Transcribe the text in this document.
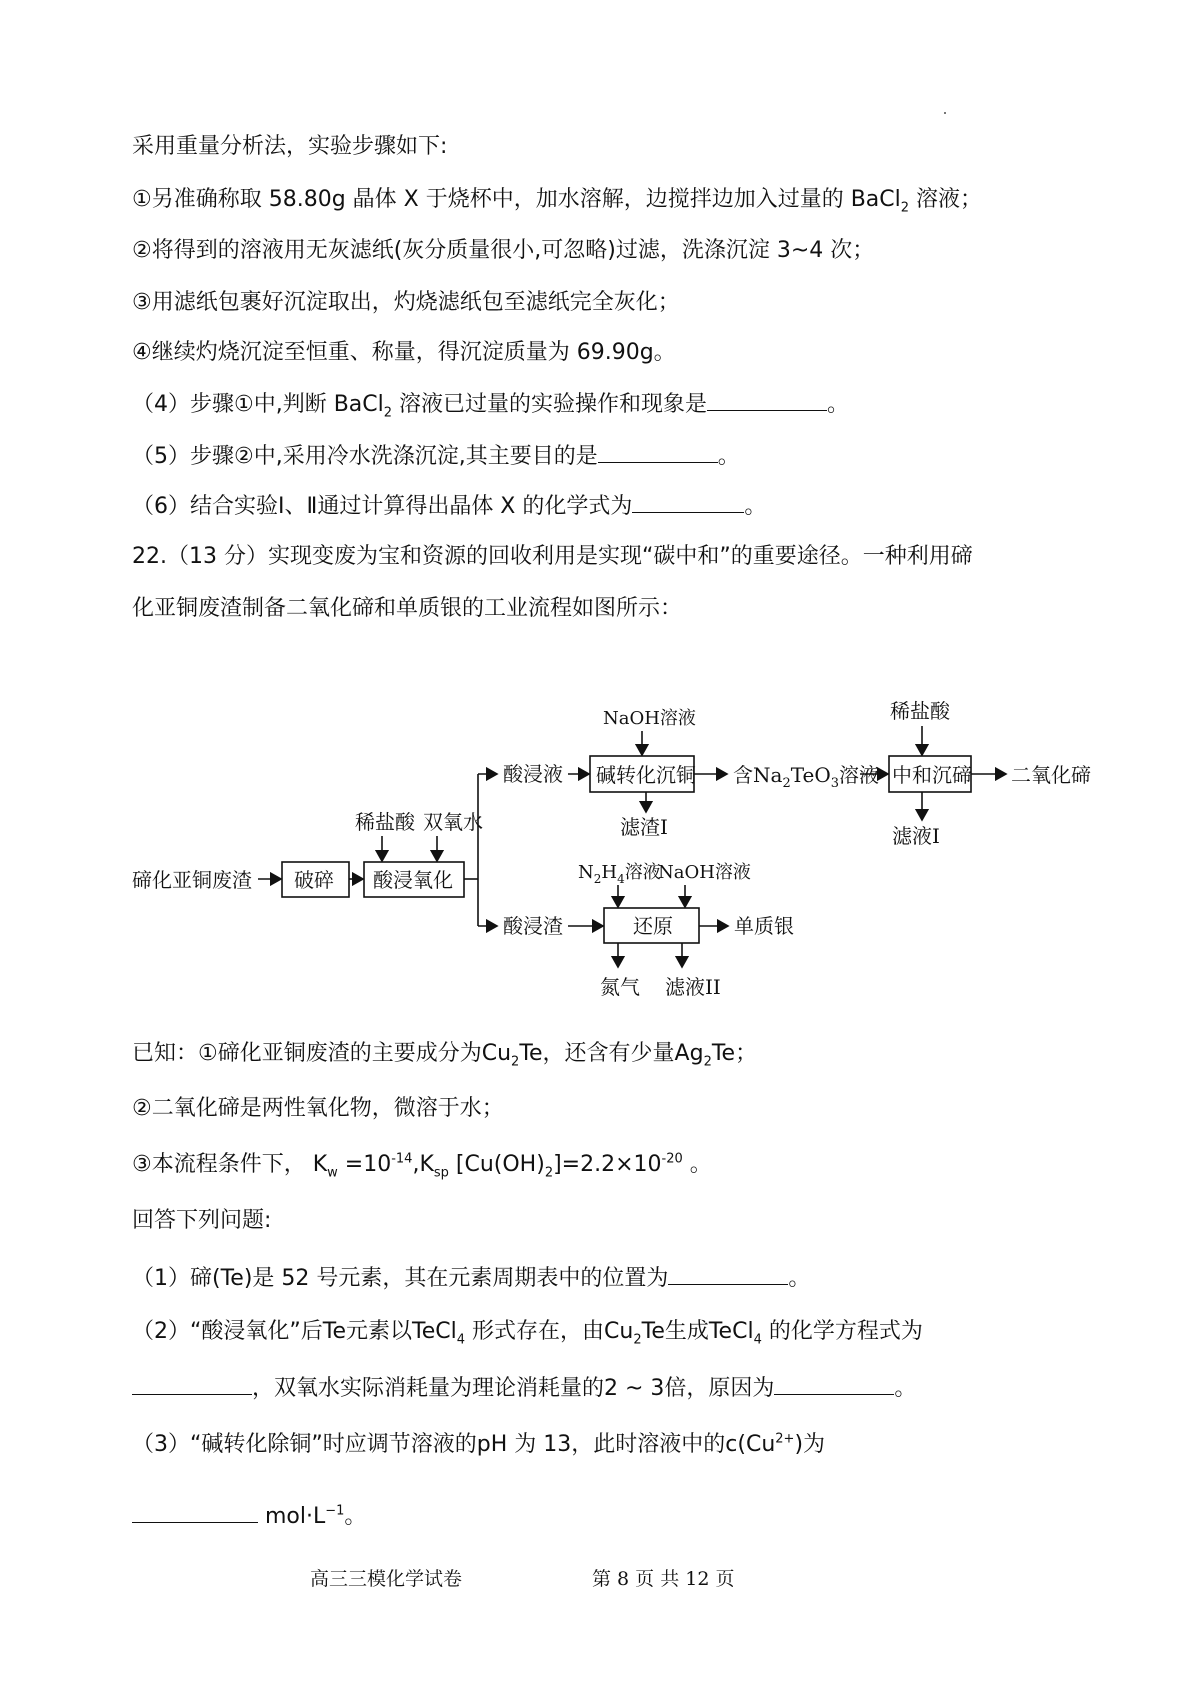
采用重量分析法，实验步骤如下:
①另准确称取 58.80g 晶体 X 于烧杯中，加水溶解，边搅拌边加入过量的 BaCl$_2$ 溶液；
②将得到的溶液用无灰滤纸(灰分质量很小,可忽略)过滤，洗涤沉淀 3~4 次；
③用滤纸包裹好沉淀取出，灼烧滤纸包至滤纸完全灰化；
④继续灼烧沉淀至恒重、称量，得沉淀质量为 69.90g。
（4）步骤①中,判断 BaCl$_2$ 溶液已过量的实验操作和现象是	。
（5）步骤②中,采用冷水洗涤沉淀,其主要目的是	。
（6）结合实验Ⅰ、Ⅱ通过计算得出晶体 X 的化学式为	。
22.（13 分）实现变废为宝和资源的回收利用是实现“碳中和”的重要途径。一种利用碲
化亚铜废渣制备二氧化碲和单质银的工业流程如图所示：
碲化亚铜废渣 破碎 酸浸氧化
稀盐酸 双氧水
酸浸液
酸浸渣
碱转化沉铜
NaOH溶液
滤渣I
含$Na_2TeO_3$溶液 中和沉碲
稀盐酸
二氧化碲
滤液I
$N_2H_4$溶液
NaOH溶液
还原	单质银
氮气 滤液II
已知：①碲化亚铜废渣的主要成分为$Cu_2Te$，还含有少量$Ag_2Te$；
②二氧化碲是两性氧化物，微溶于水；
③本流程条件下， $K_w =10^{-14},K_{sp}$ $[Cu(OH)_2]=2.2\times 10^{-20}$ 。
回答下列问题:
（1）碲(Te)是 52 号元素，其在元素周期表中的位置为	。
（2）“酸浸氧化”后Te元素以TeCl$_4$ 形式存在，由$Cu_2Te$生成TeCl$_4$ 的化学方程式为
，双氧水实际消耗量为理论消耗量的2 ~ 3倍，原因为	。
（3）“碱转化除铜”时应调节溶液的pH 为 13，此时溶液中的$c(Cu^{2+})$为
$mol\cdot L^{-1}$。
高三三模化学试卷	第 8 页 共 12 页
